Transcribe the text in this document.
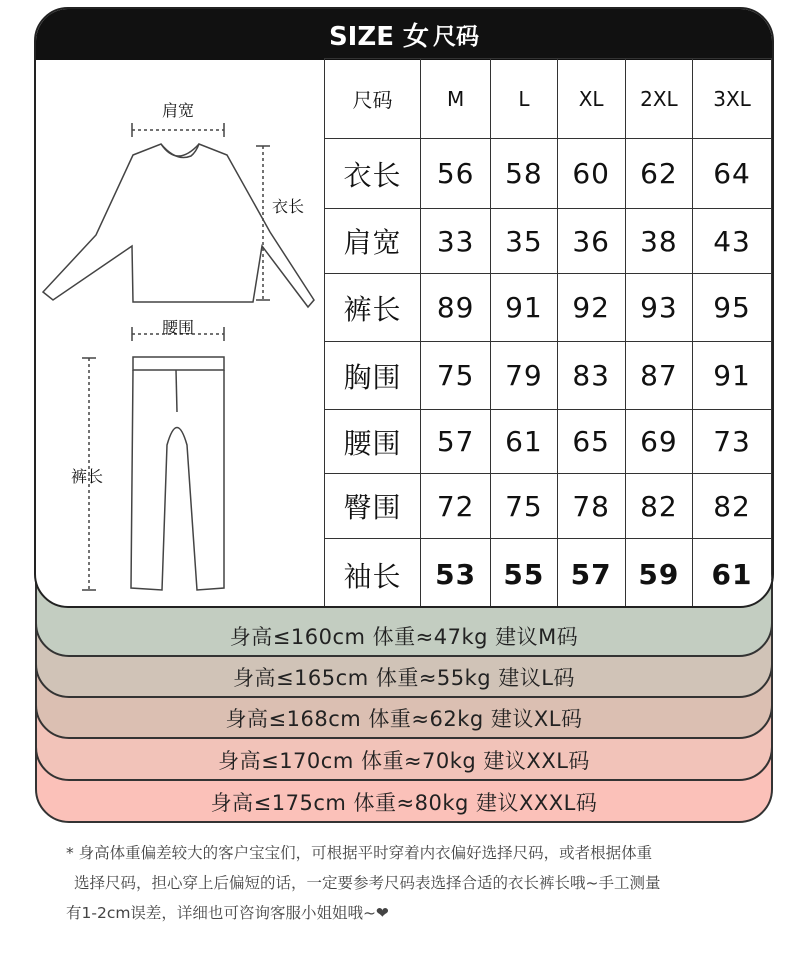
身高≤175cm 体重≈80kg 建议XXXL码
身高≤170cm 体重≈70kg 建议XXL码
身高≤168cm 体重≈62kg 建议XL码
身高≤165cm 体重≈55kg 建议L码
身高≤160cm 体重≈47kg 建议M码
SIZE 女 尺码
肩宽
衣长
腰围
裤长
尺码	M	L	XL	2XL	3XL
衣长	56	58	60	62	64
肩宽	33	35	36	38	43
裤长	89	91	92	93	95
胸围	75	79	83	87	91
腰围	57	61	65	69	73
臀围	72	75	78	82	82
袖长	53	55	57	59	61
* 身高体重偏差较大的客户宝宝们，可根据平时穿着内衣偏好选择尺码，或者根据体重
选择尺码，担心穿上后偏短的话，一定要参考尺码表选择合适的衣长裤长哦~手工测量
有1-2cm误差，详细也可咨询客服小姐姐哦~❤
